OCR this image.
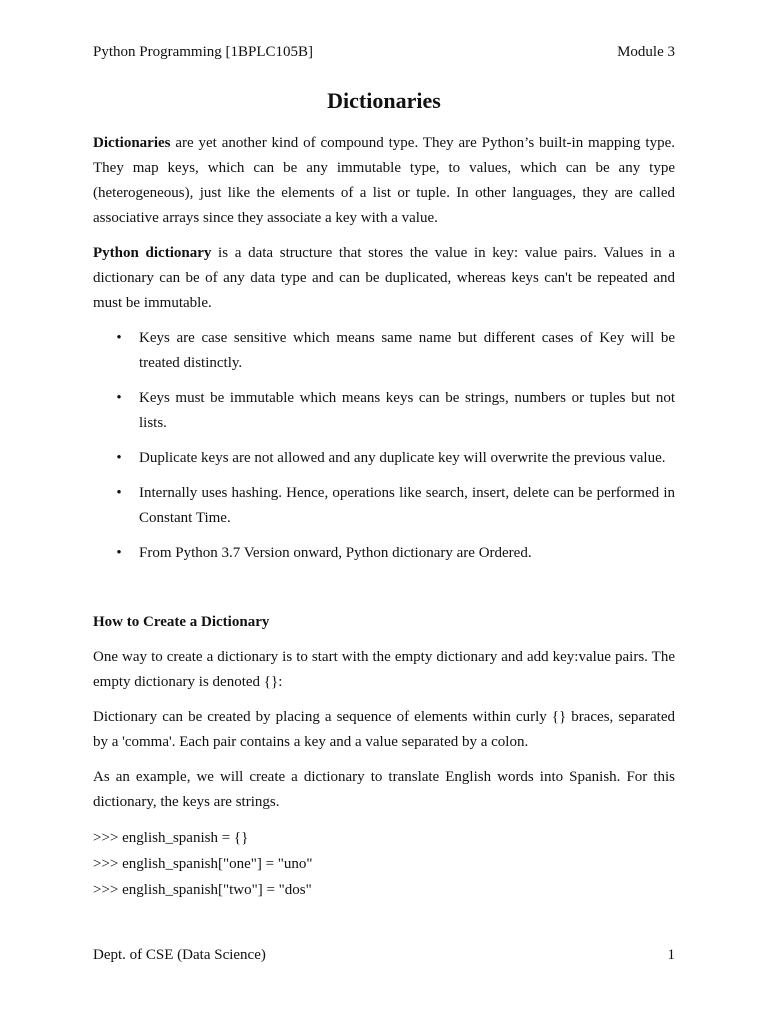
Python Programming [1BPLC105B]	Module 3
Dictionaries

Dictionaries are yet another kind of compound type. They are Python’s built-in mapping type. They map keys, which can be any immutable type, to values, which can be any type (heterogeneous), just like the elements of a list or tuple. In other languages, they are called associative arrays since they associate a key with a value.

Python dictionary is a data structure that stores the value in key: value pairs. Values in a dictionary can be of any data type and can be duplicated, whereas keys can't be repeated and must be immutable.

• Keys are case sensitive which means same name but different cases of Key will be treated distinctly.
• Keys must be immutable which means keys can be strings, numbers or tuples but not lists.
• Duplicate keys are not allowed and any duplicate key will overwrite the previous value.
• Internally uses hashing. Hence, operations like search, insert, delete can be performed in Constant Time.
• From Python 3.7 Version onward, Python dictionary are Ordered.
How to Create a Dictionary

One way to create a dictionary is to start with the empty dictionary and add key:value pairs. The empty dictionary is denoted {}:

Dictionary can be created by placing a sequence of elements within curly {} braces, separated by a 'comma'. Each pair contains a key and a value separated by a colon.

As an example, we will create a dictionary to translate English words into Spanish. For this dictionary, the keys are strings.

>>> english_spanish = {}
>>> english_spanish["one"] = "uno"
>>> english_spanish["two"] = "dos"
Dept. of CSE (Data Science)	1
